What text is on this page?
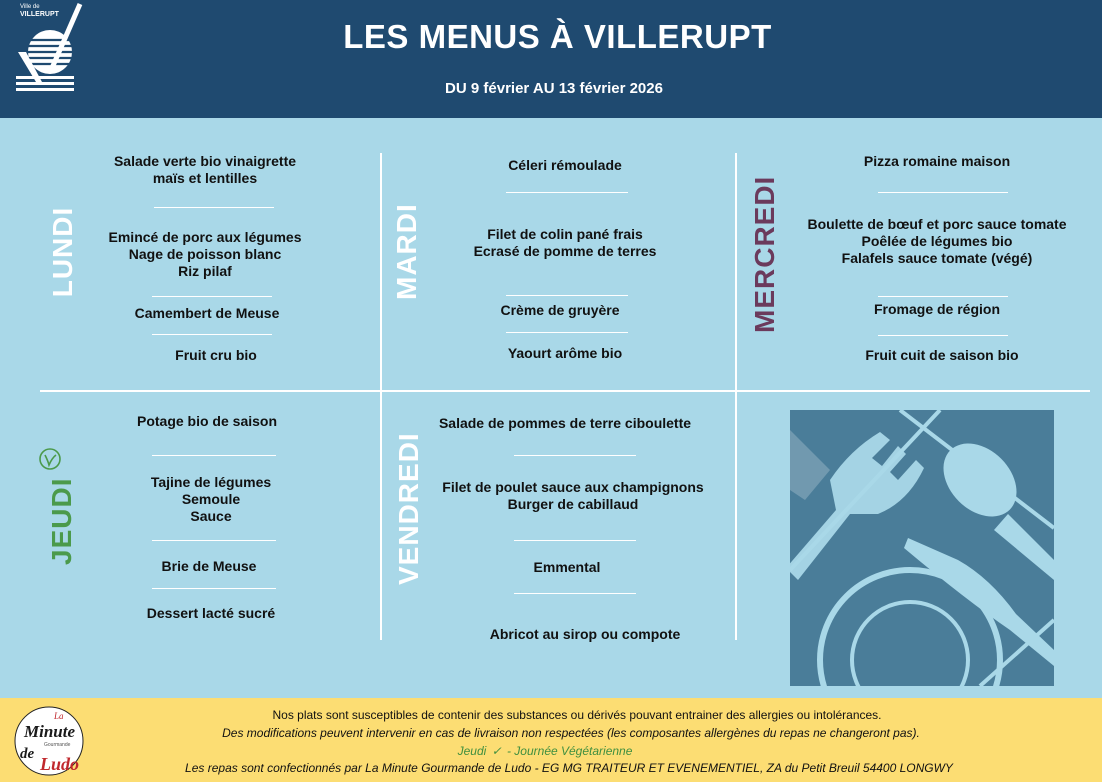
Ville de
VILLERUPT
LES MENUS À VILLERUPT
DU 9 février AU 13 février 2026
LUNDI
Salade verte bio vinaigrette
maïs et lentilles
Emincé de porc aux légumes
Nage de poisson blanc
Riz pilaf
Camembert de Meuse
Fruit cru bio
MARDI
Céleri rémoulade
Filet de colin pané frais
Ecrasé de pomme de terres
Crème de gruyère
Yaourt arôme bio
MERCREDI
Pizza romaine maison
Boulette de bœuf et porc sauce tomate
Poêlée de légumes bio
Falafels sauce tomate (végé)
Fromage de région
Fruit cuit de saison bio
JEUDI
Potage bio de saison
Tajine de légumes
Semoule
Sauce
Brie de Meuse
Dessert lacté sucré
VENDREDI
Salade de pommes de terre ciboulette
Filet de poulet sauce aux champignons
Burger de cabillaud
Emmental
Abricot au sirop ou compote
Nos plats sont susceptibles de contenir des substances ou dérivés pouvant entrainer des allergies ou intolérances.
Des modifications peuvent intervenir en cas de livraison non respectées (les composantes allergènes du repas ne changeront pas).
Jeudi ✓ - Journée Végétarienne
Les repas sont confectionnés par La Minute Gourmande de Ludo - EG MG TRAITEUR ET EVENEMENTIEL, ZA du Petit Breuil 54400 LONGWY
La
Minute
Gourmande
de Ludo
